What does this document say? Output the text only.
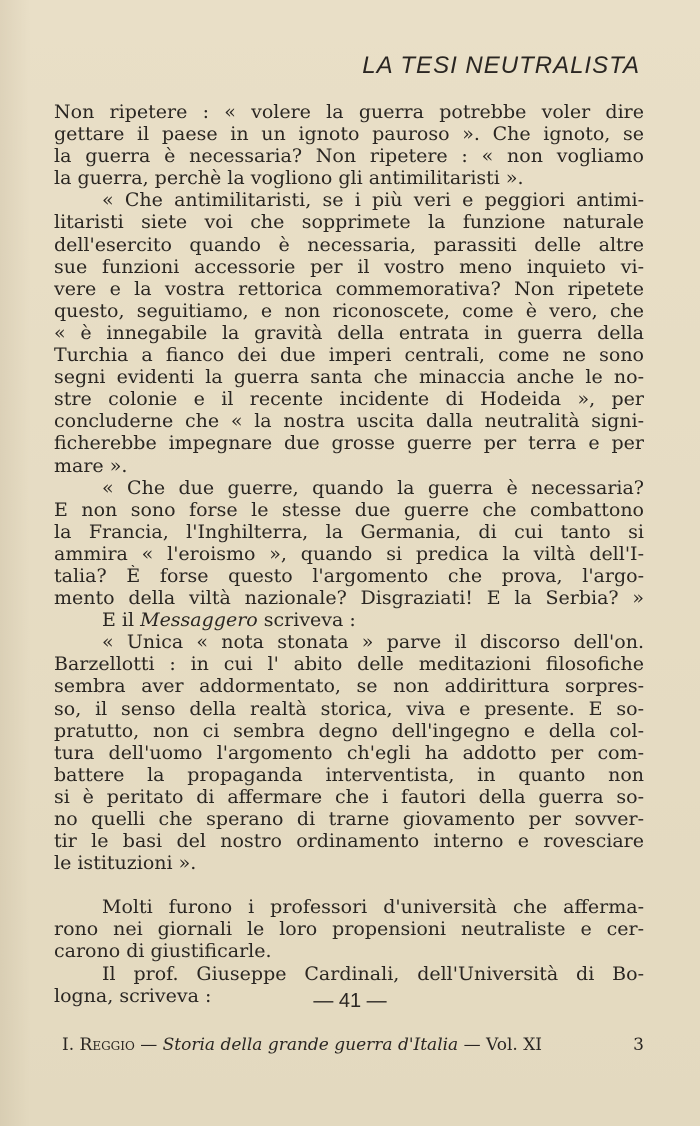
LA TESI NEUTRALISTA
Non ripetere : « volere la guerra potrebbe voler dire
gettare il paese in un ignoto pauroso ». Che ignoto, se
la guerra è necessaria? Non ripetere : « non vogliamo
la guerra, perchè la vogliono gli antimilitaristi ».
« Che antimilitaristi, se i più veri e peggiori antimi-
litaristi siete voi che sopprimete la funzione naturale
dell'esercito quando è necessaria, parassiti delle altre
sue funzioni accessorie per il vostro meno inquieto vi-
vere e la vostra rettorica commemorativa? Non ripetete
questo, seguitiamo, e non riconoscete, come è vero, che
« è innegabile la gravità della entrata in guerra della
Turchia a fianco dei due imperi centrali, come ne sono
segni evidenti la guerra santa che minaccia anche le no-
stre colonie e il recente incidente di Hodeida », per
concluderne che « la nostra uscita dalla neutralità signi-
ficherebbe impegnare due grosse guerre per terra e per
mare ».
« Che due guerre, quando la guerra è necessaria?
E non sono forse le stesse due guerre che combattono
la Francia, l'Inghilterra, la Germania, di cui tanto si
ammira « l'eroismo », quando si predica la viltà dell'I-
talia? È forse questo l'argomento che prova, l'argo-
mento della viltà nazionale? Disgraziati! E la Serbia? »
E il Messaggero scriveva :
« Unica « nota stonata » parve il discorso dell'on.
Barzellotti : in cui l' abito delle meditazioni filosofiche
sembra aver addormentato, se non addirittura sorpres-
so, il senso della realtà storica, viva e presente. E so-
pratutto, non ci sembra degno dell'ingegno e della col-
tura dell'uomo l'argomento ch'egli ha addotto per com-
battere la propaganda interventista, in quanto non
si è peritato di affermare che i fautori della guerra so-
no quelli che sperano di trarne giovamento per sovver-
tir le basi del nostro ordinamento interno e rovesciare
le istituzioni ».
Molti furono i professori d'università che afferma-
rono nei giornali le loro propensioni neutraliste e cer-
carono di giustificarle.
Il prof. Giuseppe Cardinali, dell'Università di Bo-
logna, scriveva :	— 41 —
I. Reggio — Storia della grande guerra d'Italia — Vol. XI	3
